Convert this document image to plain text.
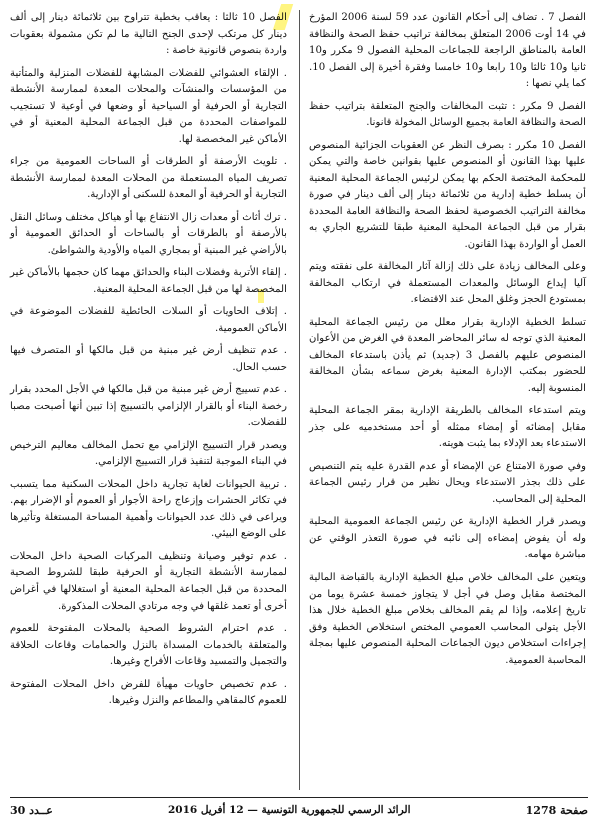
الفصل 7 . تضاف إلى أحكام القانون عدد 59 لسنة 2006 المؤرخ في 14 أوت 2006 المتعلق بمخالفة تراتيب حفظ الصحة والنظافة العامة بالمناطق الراجعة للجماعات المحلية الفصول 9 مكرر و10 ثانيا و10 ثالثا و10 رابعا و10 خامسا وفقرة أخيرة إلى الفصل 10. كما يلي نصها :

الفصل 9 مكرر : تثبت المخالفات والجنح المتعلقة بتراتيب حفظ الصحة والنظافة العامة بجميع الوسائل المخولة قانونا.

الفصل 10 مكرر : بصرف النظر عن العقوبات الجزائية المنصوص عليها بهذا القانون أو المنصوص عليها بقوانين خاصة والتي يمكن للمحكمة المختصة الحكم بها يمكن لرئيس الجماعة المحلية المعنية أن يسلط خطية إدارية من ثلاثمائة دينار إلى ألف دينار في صورة مخالفة التراتيب الخصوصية لحفظ الصحة والنظافة العامة المحددة بقرار من قبل الجماعة المحلية المعنية طبقا للتشريع الجاري به العمل أو الواردة بهذا القانون.

وعلى المخالف زيادة على ذلك إزالة آثار المخالفة على نفقته ويتم آليا إيداع الوسائل والمعدات المستعملة في ارتكاب المخالفة بمستودع الحجز وغلق المحل عند الاقتضاء.

تسلط الخطية الإدارية بقرار معلل من رئيس الجماعة المحلية المعنية الذي توجه له سائر المحاضر المعدة في الغرض من الأعوان المنصوص عليهم بالفصل 3 (جديد) ثم يأذن باستدعاء المخالف للحضور بمكتب الإدارة المعنية بغرض سماعه بشأن المخالفة المنسوبة إليه.

ويتم استدعاء المخالف بالطريقة الإدارية بمقر الجماعة المحلية مقابل إمضائه أو إمضاء ممثله أو أحد مستخدميه على جذر الاستدعاء بعد الإدلاء بما يثبت هويته.

وفي صورة الامتناع عن الإمضاء أو عدم القدرة عليه يتم التنصيص على ذلك بجذر الاستدعاء ويحال نظير من قرار رئيس الجماعة المحلية إلى المحاسب.

ويصدر قرار الخطية الإدارية عن رئيس الجماعة العمومية المحلية وله أن يفوض إمضاءه إلى نائبه في صورة التعذر الوقتي عن مباشرة مهامه.

ويتعين على المخالف خلاص مبلغ الخطية الإدارية بالقباضة المالية المختصة مقابل وصل في أجل لا يتجاوز خمسة عشرة يوما من تاريخ إعلامه، وإذا لم يقم المخالف بخلاص مبلغ الخطية خلال هذا الأجل يتولى المحاسب العمومي المختص استخلاص الخطية وفق إجراءات استخلاص ديون الجماعات المحلية المنصوص عليها بمجلة المحاسبة العمومية.

الفصل 10 ثالثا : يعاقب بخطية تتراوح بين ثلاثمائة دينار إلى ألف دينار كل مرتكب لإحدى الجنح التالية ما لم تكن مشمولة بعقوبات واردة بنصوص قانونية خاصة :

. الإلقاء العشوائي للفضلات المشابهة للفضلات المنزلية والمتأتية من المؤسسات والمنشآت والمحلات المعدة لممارسة الأنشطة التجارية أو الحرفية أو السياحية أو وضعها في أوعية لا تستجيب للمواصفات المحددة من قبل الجماعة المحلية المعنية أو في الأماكن غير المخصصة لها.

. تلويث الأرصفة أو الطرقات أو الساحات العمومية من جراء تصريف المياه المستعملة من المحلات المعدة لممارسة الأنشطة التجارية أو الحرفية أو المعدة للسكنى أو الإدارية.

. ترك أثاث أو معدات زال الانتفاع بها أو هياكل مختلف وسائل النقل بالأرصفة أو بالطرقات أو بالساحات أو الحدائق العمومية أو بالأراضي غير المبنية أو بمجاري المياه والأودية والشواطئ.

. إلقاء الأتربة وفضلات البناء والحدائق مهما كان حجمها بالأماكن غير المخصصة لها من قبل الجماعة المحلية المعنية.

. إتلاف الحاويات أو السلات الحائطية للفضلات الموضوعة في الأماكن العمومية.

. عدم تنظيف أرض غير مبنية من قبل مالكها أو المتصرف فيها حسب الحال.

. عدم تسييج أرض غير مبنية من قبل مالكها في الأجل المحدد بقرار رخصة البناء أو بالقرار الإلزامي بالتسييج إذا تبين أنها أصبحت مصبا للفضلات.

ويصدر قرار التسييج الإلزامي مع تحمل المخالف معاليم الترخيص في البناء الموجبة لتنفيذ قرار التسييج الإلزامي.

. تربية الحيوانات لغاية تجارية داخل المحلات السكنية مما يتسبب في تكاثر الحشرات وإزعاج راحة الأجوار أو العموم أو الإضرار بهم. ويراعى في ذلك عدد الحيوانات وأهمية المساحة المستغلة وتأثيرها على الوضع البيئي.

. عدم توفير وصيانة وتنظيف المركبات الصحية داخل المحلات لممارسة الأنشطة التجارية أو الحرفية طبقا للشروط الصحية المحددة من قبل الجماعة المحلية المعنية أو استغلالها في أغراض أخرى أو تعمد غلقها في وجه مرتادي المحلات المذكورة.

. عدم احترام الشروط الصحية بالمحلات المفتوحة للعموم والمتعلقة بالخدمات المسداة بالنزل والحمامات وقاعات الحلاقة والتجميل والتمسيد وقاعات الأفراح وغيرها.

. عدم تخصيص حاويات مهيأة للفرض داخل المحلات المفتوحة للعموم كالمقاهي والمطاعم والنزل وغيرها.

صفحة 1278
الرائد الرسمي للجمهورية التونسية — 12 أفريل 2016
عــدد 30
